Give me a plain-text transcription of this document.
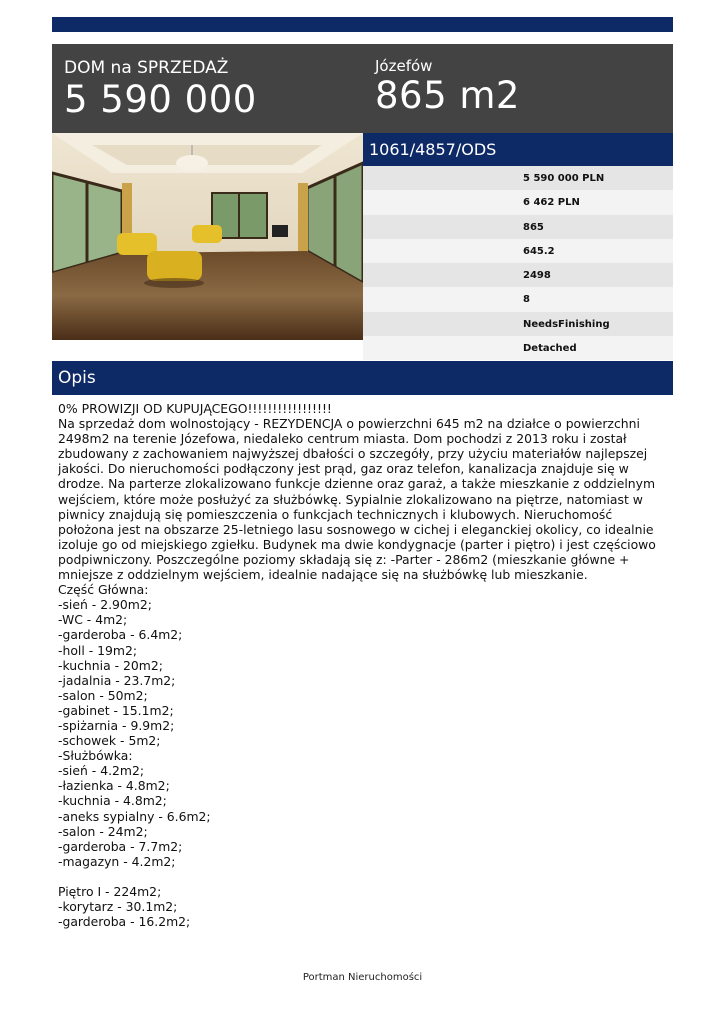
DOM na SPRZEDAŻ
5 590 000
Józefów
865 m2
1061/4857/ODS
5 590 000 PLN
6 462 PLN
865
645.2
2498
8
NeedsFinishing
Detached
Opis
0% PROWIZJI OD KUPUJĄCEGO!!!!!!!!!!!!!!!!!
Na sprzedaż dom wolnostojący - REZYDENCJA o powierzchni 645 m2 na działce o powierzchni 2498m2 na terenie Józefowa, niedaleko centrum miasta. Dom pochodzi z 2013 roku i został zbudowany z zachowaniem najwyższej dbałości o szczegóły, przy użyciu materiałów najlepszej jakości. Do nieruchomości podłączony jest prąd, gaz oraz telefon, kanalizacja znajduje się w drodze. Na parterze zlokalizowano funkcje dzienne oraz garaż, a także mieszkanie z oddzielnym wejściem, które może posłużyć za służbówkę. Sypialnie zlokalizowano na piętrze, natomiast w piwnicy znajdują się pomieszczenia o funkcjach technicznych i klubowych. Nieruchomość położona jest na obszarze 25-letniego lasu sosnowego w cichej i eleganckiej okolicy, co idealnie izoluje go od miejskiego zgiełku. Budynek ma dwie kondygnacje (parter i piętro) i jest częściowo podpiwniczony. Poszczególne poziomy składają się z: -Parter - 286m2 (mieszkanie główne + mniejsze z oddzielnym wejściem, idealnie nadające się na służbówkę lub mieszkanie.
Część Główna:
-sień - 2.90m2;
-WC - 4m2;
-garderoba - 6.4m2;
-holl - 19m2;
-kuchnia - 20m2;
-jadalnia - 23.7m2;
-salon - 50m2;
-gabinet - 15.1m2;
-spiżarnia - 9.9m2;
-schowek - 5m2;
-Służbówka:
-sień - 4.2m2;
-łazienka - 4.8m2;
-kuchnia - 4.8m2;
-aneks sypialny - 6.6m2;
-salon - 24m2;
-garderoba - 7.7m2;
-magazyn - 4.2m2;

Piętro I - 224m2;
-korytarz - 30.1m2;
-garderoba - 16.2m2;
Portman Nieruchomości
